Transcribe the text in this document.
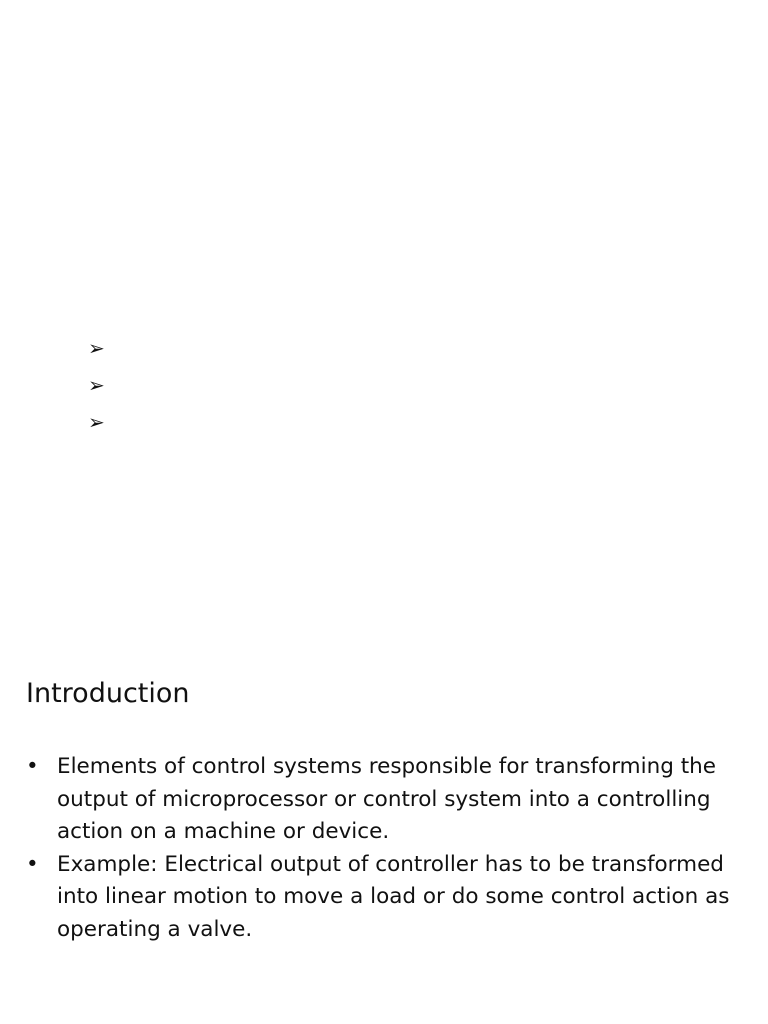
➢
➢
➢
Introduction
• Elements of control systems responsible for transforming the output of microprocessor or control system into a controlling action on a machine or device.
• Example: Electrical output of controller has to be transformed into linear motion to move a load or do some control action as operating a valve.
